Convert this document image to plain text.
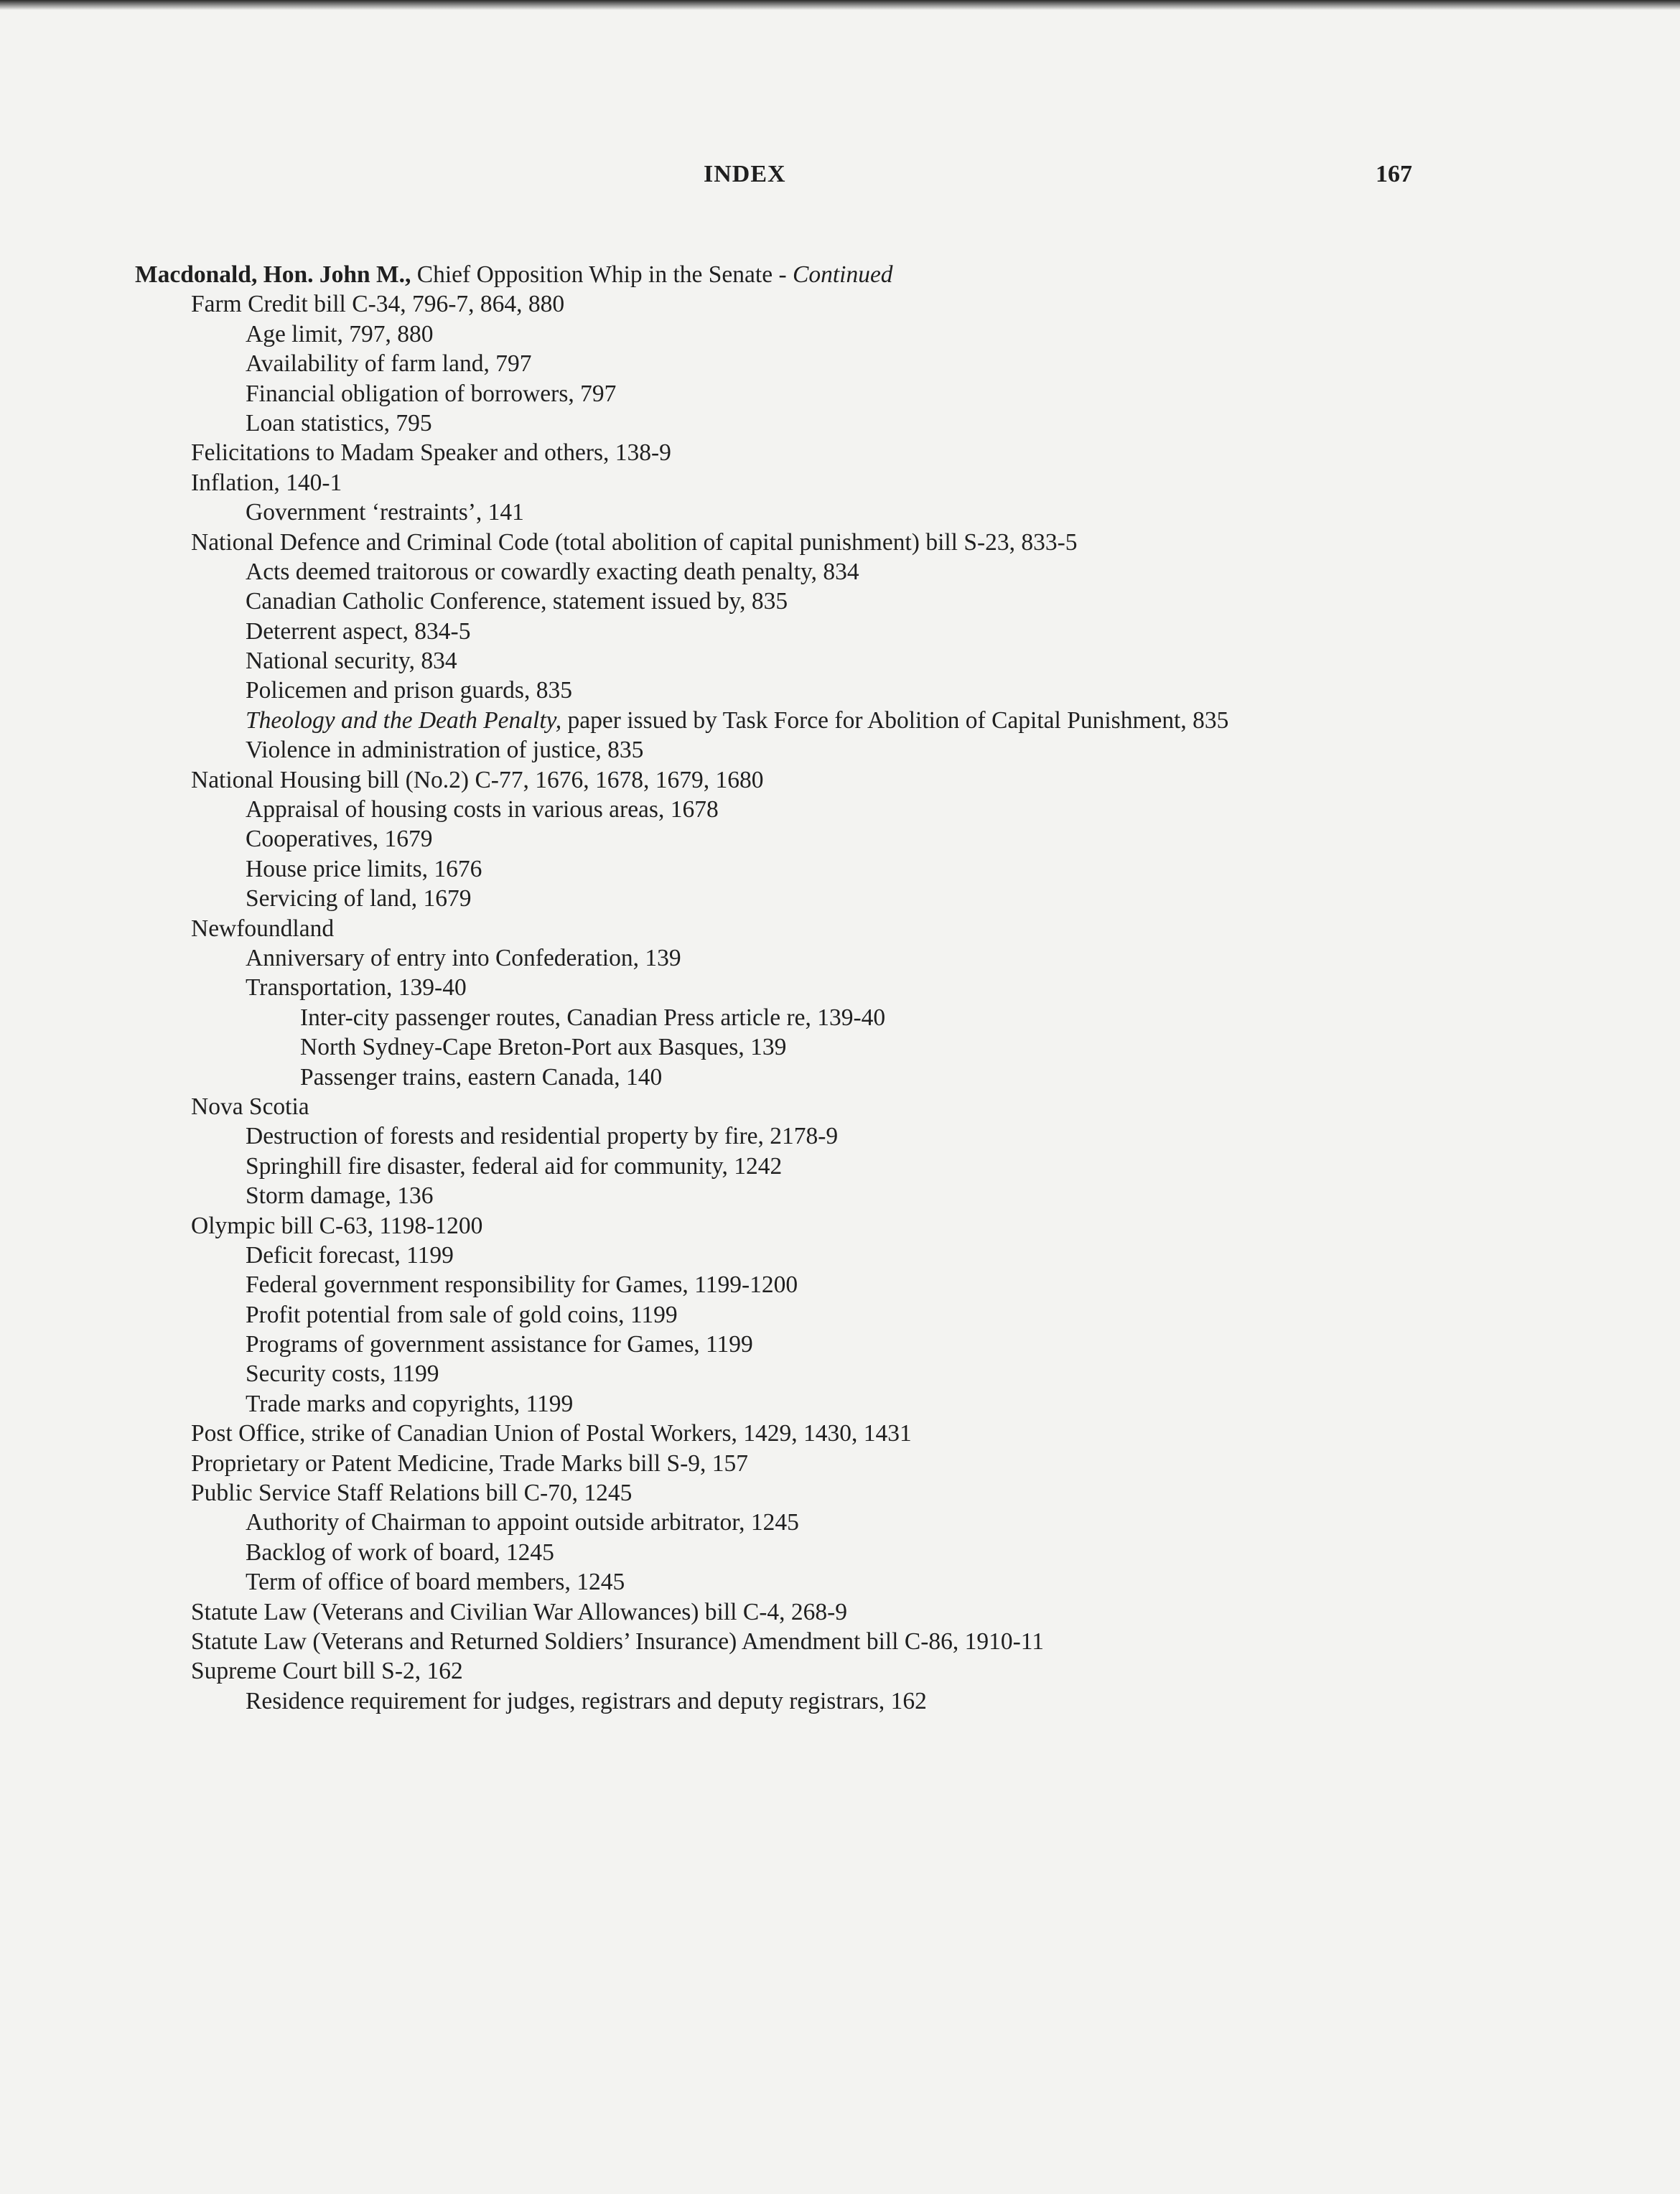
INDEX	167
Macdonald, Hon. John M., Chief Opposition Whip in the Senate - Continued
Farm Credit bill C-34, 796-7, 864, 880
Age limit, 797, 880
Availability of farm land, 797
Financial obligation of borrowers, 797
Loan statistics, 795
Felicitations to Madam Speaker and others, 138-9
Inflation, 140-1
Government ‘restraints’, 141
National Defence and Criminal Code (total abolition of capital punishment) bill S-23, 833-5
Acts deemed traitorous or cowardly exacting death penalty, 834
Canadian Catholic Conference, statement issued by, 835
Deterrent aspect, 834-5
National security, 834
Policemen and prison guards, 835
Theology and the Death Penalty, paper issued by Task Force for Abolition of Capital Punishment, 835
Violence in administration of justice, 835
National Housing bill (No.2) C-77, 1676, 1678, 1679, 1680
Appraisal of housing costs in various areas, 1678
Cooperatives, 1679
House price limits, 1676
Servicing of land, 1679
Newfoundland
Anniversary of entry into Confederation, 139
Transportation, 139-40
Inter-city passenger routes, Canadian Press article re, 139-40
North Sydney-Cape Breton-Port aux Basques, 139
Passenger trains, eastern Canada, 140
Nova Scotia
Destruction of forests and residential property by fire, 2178-9
Springhill fire disaster, federal aid for community, 1242
Storm damage, 136
Olympic bill C-63, 1198-1200
Deficit forecast, 1199
Federal government responsibility for Games, 1199-1200
Profit potential from sale of gold coins, 1199
Programs of government assistance for Games, 1199
Security costs, 1199
Trade marks and copyrights, 1199
Post Office, strike of Canadian Union of Postal Workers, 1429, 1430, 1431
Proprietary or Patent Medicine, Trade Marks bill S-9, 157
Public Service Staff Relations bill C-70, 1245
Authority of Chairman to appoint outside arbitrator, 1245
Backlog of work of board, 1245
Term of office of board members, 1245
Statute Law (Veterans and Civilian War Allowances) bill C-4, 268-9
Statute Law (Veterans and Returned Soldiers’ Insurance) Amendment bill C-86, 1910-11
Supreme Court bill S-2, 162
Residence requirement for judges, registrars and deputy registrars, 162
